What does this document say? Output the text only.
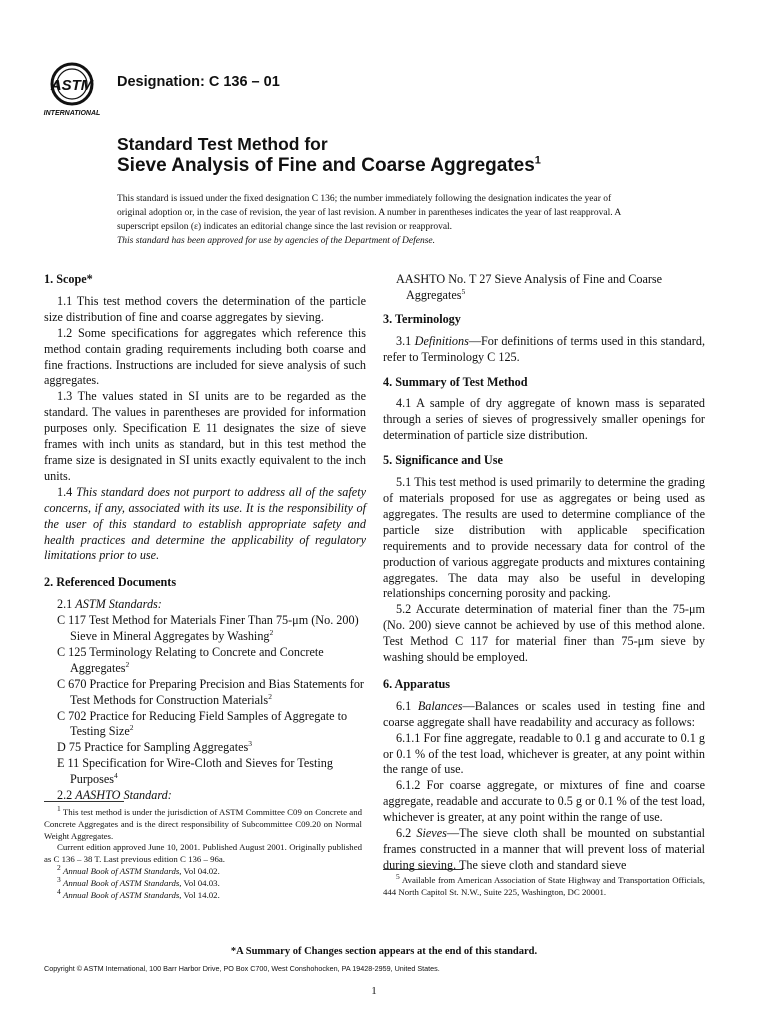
ASTM
INTERNATIONAL
Designation: C 136 – 01
Standard Test Method for
Sieve Analysis of Fine and Coarse Aggregates$^1$
This standard is issued under the fixed designation C 136; the number immediately following the designation indicates the year of original adoption or, in the case of revision, the year of last revision. A number in parentheses indicates the year of last reapproval. A superscript epsilon (ε) indicates an editorial change since the last revision or reapproval.
This standard has been approved for use by agencies of the Department of Defense.
1. Scope*

1.1 This test method covers the determination of the particle size distribution of fine and coarse aggregates by sieving.

1.2 Some specifications for aggregates which reference this method contain grading requirements including both coarse and fine fractions. Instructions are included for sieve analysis of such aggregates.

1.3 The values stated in SI units are to be regarded as the standard. The values in parentheses are provided for information purposes only. Specification E 11 designates the size of sieve frames with inch units as standard, but in this test method the frame size is designated in SI units exactly equivalent to the inch units.

1.4 This standard does not purport to address all of the safety concerns, if any, associated with its use. It is the responsibility of the user of this standard to establish appropriate safety and health practices and determine the applicability of regulatory limitations prior to use.

2. Referenced Documents

2.1 ASTM Standards:

C 117 Test Method for Materials Finer Than 75-μm (No. 200) Sieve in Mineral Aggregates by Washing$^2$

C 125 Terminology Relating to Concrete and Concrete Aggregates$^2$

C 670 Practice for Preparing Precision and Bias Statements for Test Methods for Construction Materials$^2$

C 702 Practice for Reducing Field Samples of Aggregate to Testing Size$^2$

D 75 Practice for Sampling Aggregates$^3$

E 11 Specification for Wire-Cloth and Sieves for Testing Purposes$^4$

2.2 AASHTO Standard:

$^1$ This test method is under the jurisdiction of ASTM Committee C09 on Concrete and Concrete Aggregates and is the direct responsibility of Subcommittee C09.20 on Normal Weight Aggregates.

Current edition approved June 10, 2001. Published August 2001. Originally published as C 136 – 38 T. Last previous edition C 136 – 96a.

$^2$ Annual Book of ASTM Standards, Vol 04.02.

$^3$ Annual Book of ASTM Standards, Vol 04.03.

$^4$ Annual Book of ASTM Standards, Vol 14.02.

AASHTO No. T 27 Sieve Analysis of Fine and Coarse Aggregates$^5$

3. Terminology

3.1 Definitions—For definitions of terms used in this standard, refer to Terminology C 125.

4. Summary of Test Method

4.1 A sample of dry aggregate of known mass is separated through a series of sieves of progressively smaller openings for determination of particle size distribution.

5. Significance and Use

5.1 This test method is used primarily to determine the grading of materials proposed for use as aggregates or being used as aggregates. The results are used to determine compliance of the particle size distribution with applicable specification requirements and to provide necessary data for control of the production of various aggregate products and mixtures containing aggregates. The data may also be useful in developing relationships concerning porosity and packing.

5.2 Accurate determination of material finer than the 75-μm (No. 200) sieve cannot be achieved by use of this method alone. Test Method C 117 for material finer than 75-μm sieve by washing should be employed.

6. Apparatus

6.1 Balances—Balances or scales used in testing fine and coarse aggregate shall have readability and accuracy as follows:

6.1.1 For fine aggregate, readable to 0.1 g and accurate to 0.1 g or 0.1 % of the test load, whichever is greater, at any point within the range of use.

6.1.2 For coarse aggregate, or mixtures of fine and coarse aggregate, readable and accurate to 0.5 g or 0.1 % of the test load, whichever is greater, at any point within the range of use.

6.2 Sieves—The sieve cloth shall be mounted on substantial frames constructed in a manner that will prevent loss of material during sieving. The sieve cloth and standard sieve

$^5$ Available from American Association of State Highway and Transportation Officials, 444 North Capitol St. N.W., Suite 225, Washington, DC 20001.

*A Summary of Changes section appears at the end of this standard.
Copyright © ASTM International, 100 Barr Harbor Drive, PO Box C700, West Conshohocken, PA 19428-2959, United States.
1
